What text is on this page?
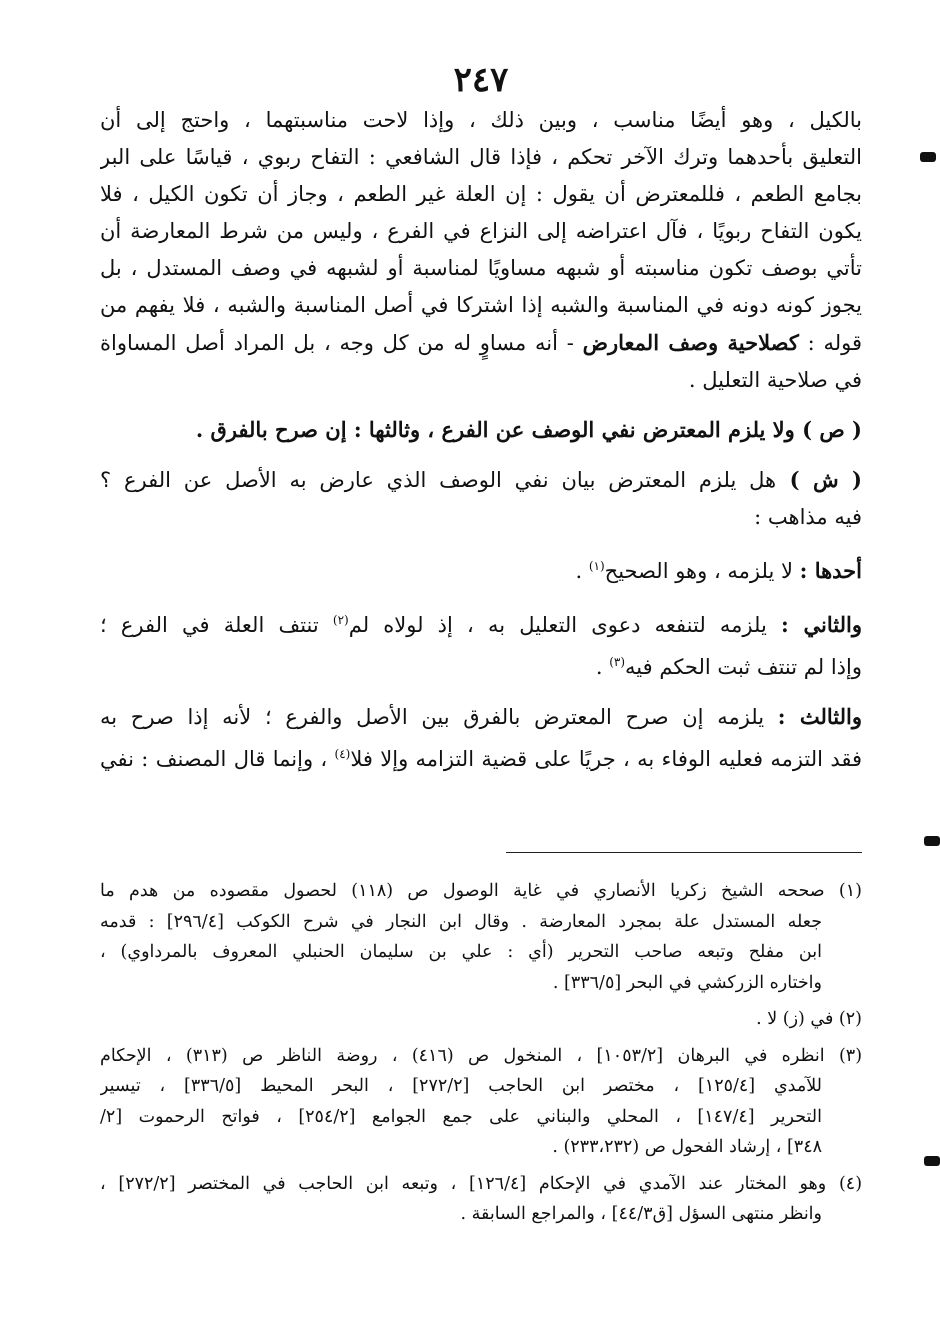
٢٤٧
بالكيل ، وهو أيضًا مناسب ، وبين ذلك ، وإذا لاحت مناسبتهما ، واحتج إلى أن
التعليق بأحدهما وترك الآخر تحكم ، فإذا قال الشافعي : التفاح ربوي ، قياسًا على البر
بجامع الطعم ، فللمعترض أن يقول : إن العلة غير الطعم ، وجاز أن تكون الكيل ، فلا
يكون التفاح ربويًا ، فآل اعتراضه إلى النزاع في الفرع ، وليس من شرط المعارضة أن
تأتي بوصف تكون مناسبته أو شبهه مساويًا لمناسبة أو لشبهه في وصف المستدل ، بل
يجوز كونه دونه في المناسبة والشبه إذا اشتركا في أصل المناسبة والشبه ، فلا يفهم من
قوله : كصلاحية وصف المعارض - أنه مساوٍ له من كل وجه ، بل المراد أصل المساواة
في صلاحية التعليل .
( ص ) ولا يلزم المعترض نفي الوصف عن الفرع ، وثالثها : إن صرح بالفرق .
( ش ) هل يلزم المعترض بيان نفي الوصف الذي عارض به الأصل عن الفرع ؟
فيه مذاهب :
أحدها : لا يلزمه ، وهو الصحيح$^{(١)}$ .
والثاني : يلزمه لتنفعه دعوى التعليل به ، إذ لولاه لم$^{(٢)}$ تنتف العلة في الفرع ؛
وإذا لم تنتف ثبت الحكم فيه$^{(٣)}$ .
والثالث : يلزمه إن صرح المعترض بالفرق بين الأصل والفرع ؛ لأنه إذا صرح به
فقد التزمه فعليه الوفاء به ، جريًا على قضية التزامه وإلا فلا$^{(٤)}$ ، وإنما قال المصنف : نفي
(١) صححه الشيخ زكريا الأنصاري في غاية الوصول ص (١١٨) لحصول مقصوده من هدم ما
جعله المستدل علة بمجرد المعارضة . وقال ابن النجار في شرح الكوكب [٢٩٦/٤] : قدمه
ابن مفلح وتبعه صاحب التحرير (أي : علي بن سليمان الحنبلي المعروف بالمرداوي) ،
واختاره الزركشي في البحر [٣٣٦/٥] .
(٢) في (ز) لا .
(٣) انظره في البرهان [١٠٥٣/٢] ، المنخول ص (٤١٦) ، روضة الناظر ص (٣١٣) ، الإحكام
للآمدي [١٢٥/٤] ، مختصر ابن الحاجب [٢٧٢/٢] ، البحر المحيط [٣٣٦/٥] ، تيسير
التحرير [١٤٧/٤] ، المحلي والبناني على جمع الجوامع [٢٥٤/٢] ، فواتح الرحموت [٢/
٣٤٨] ، إرشاد الفحول ص (٢٣٣،٢٣٢) .
(٤) وهو المختار عند الآمدي في الإحكام [١٢٦/٤] ، وتبعه ابن الحاجب في المختصر [٢٧٢/٢] ،
وانظر منتهى السؤل [ق٤٤/٣] ، والمراجع السابقة .
